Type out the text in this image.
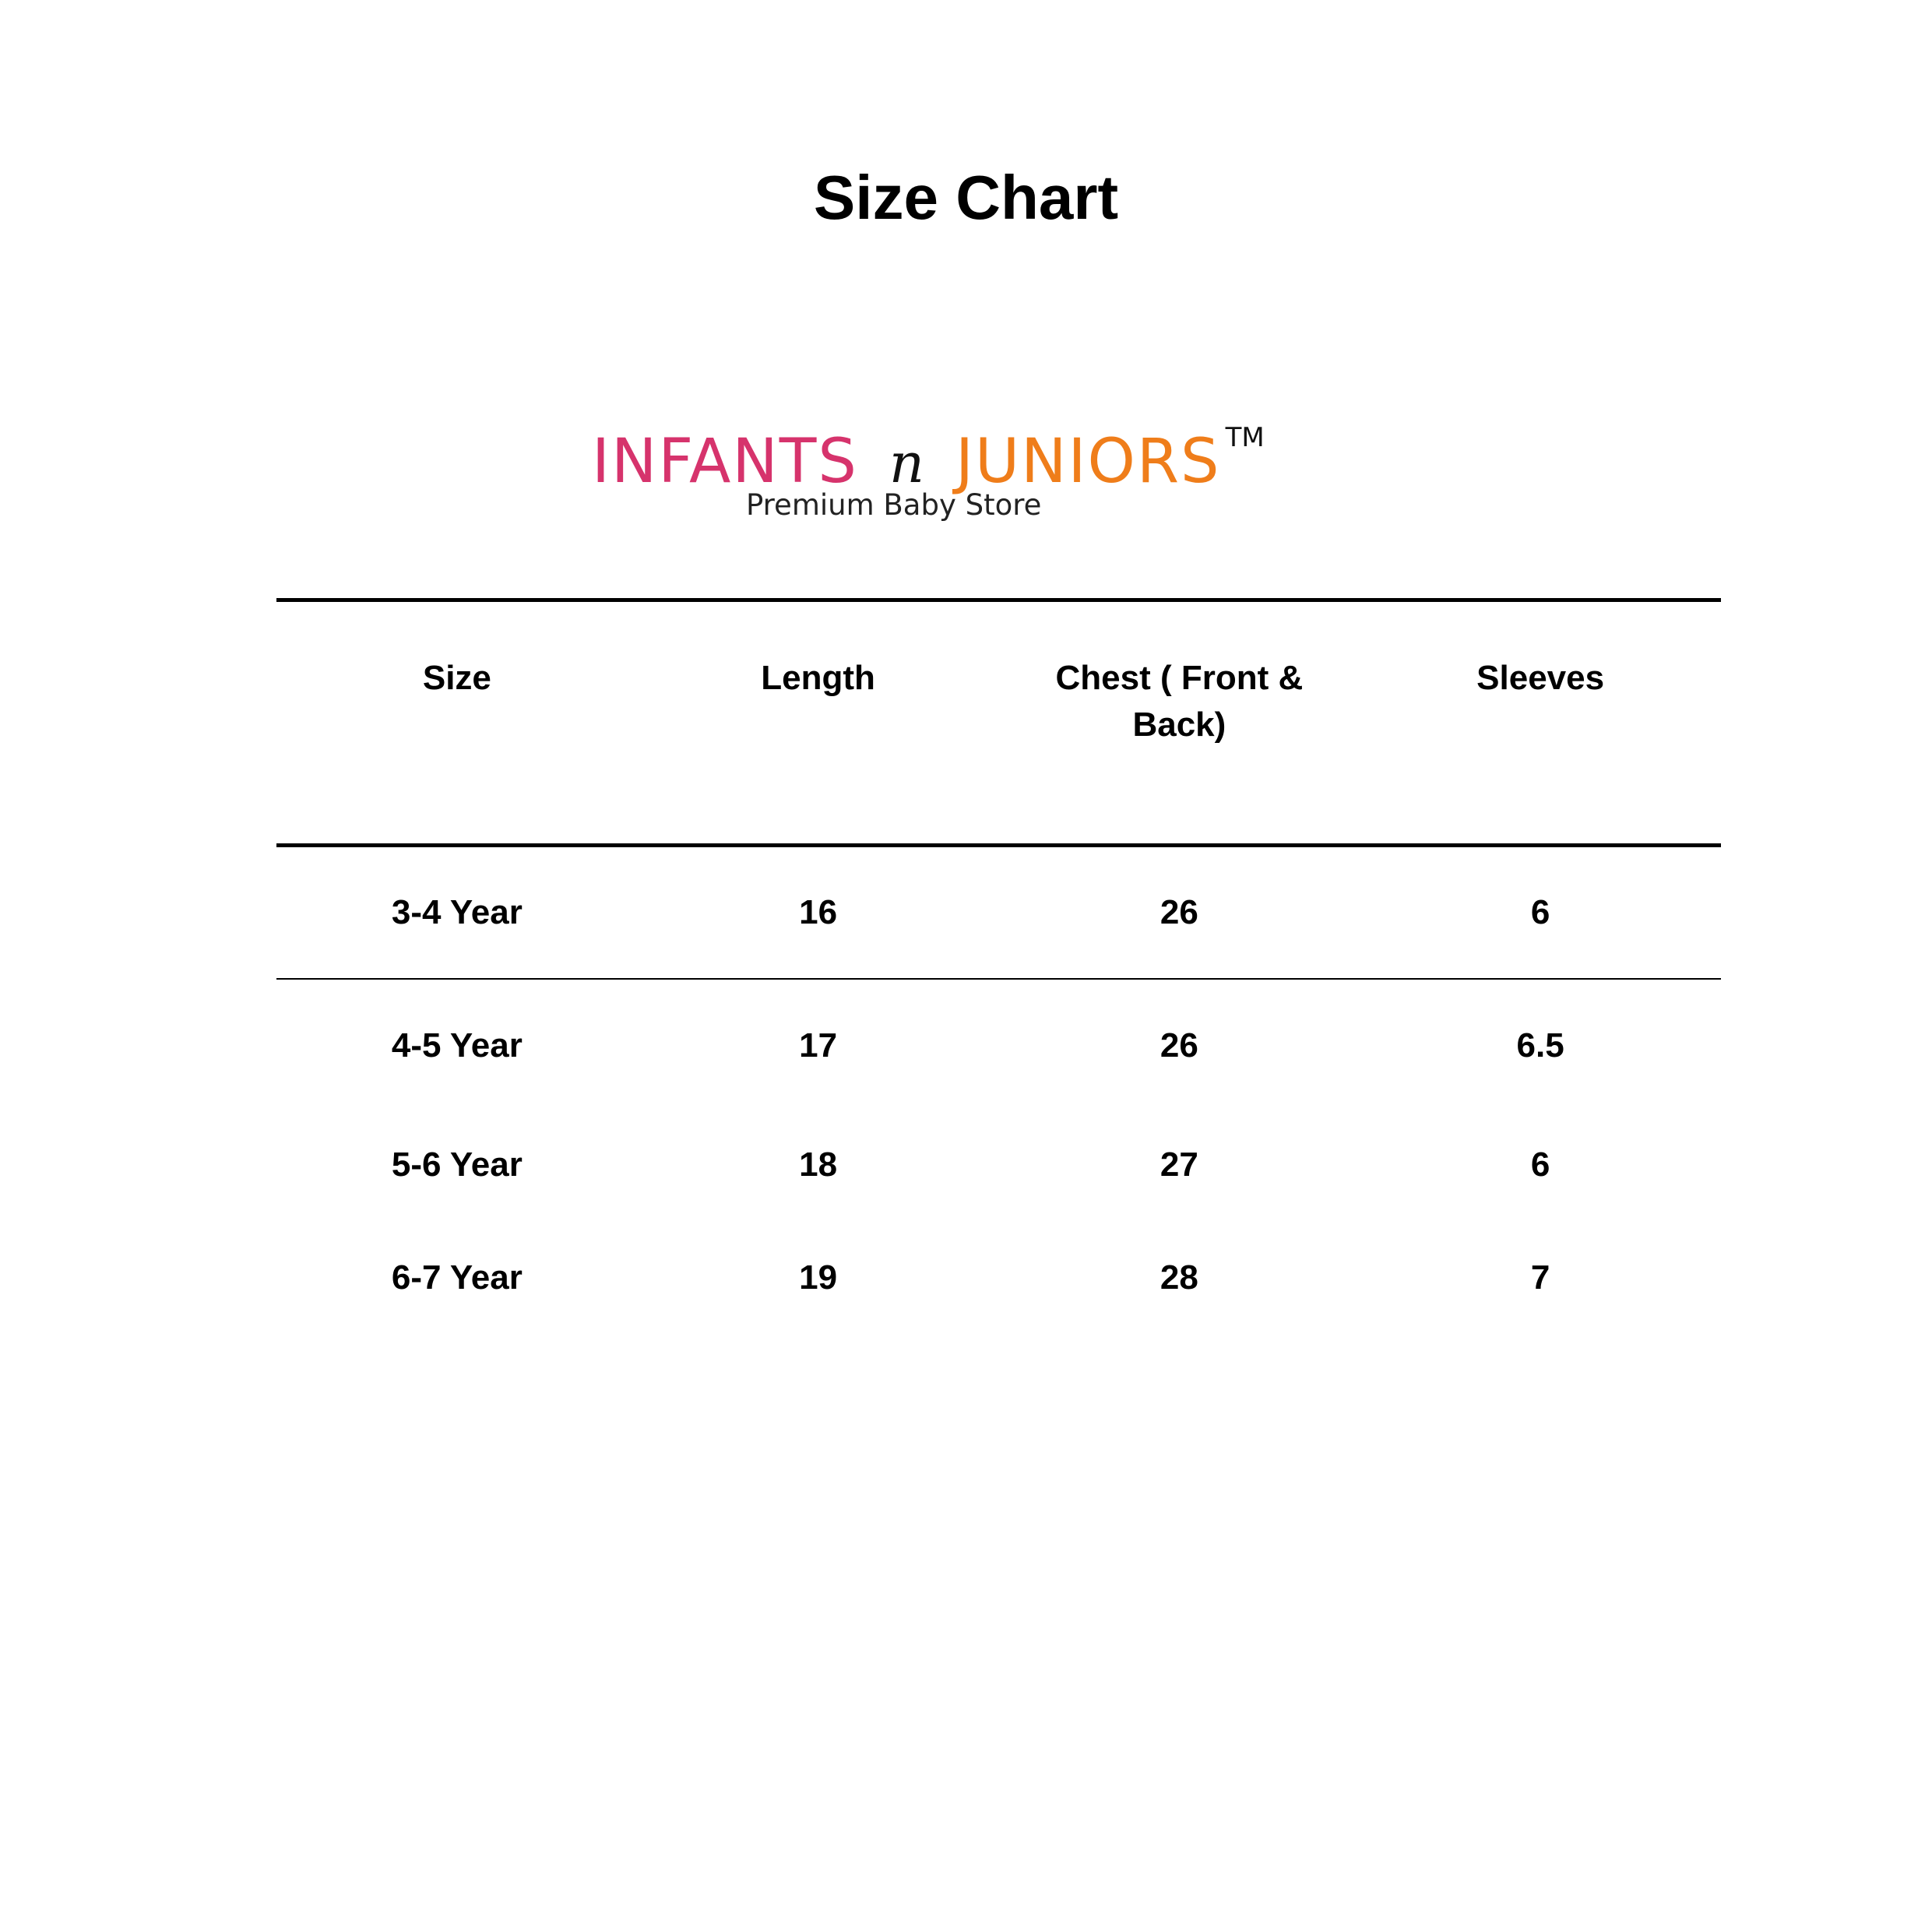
Size Chart
INFANTS n JUNIORS ™
Premium Baby Store
Size	Length	Chest ( Front & Back)	Sleeves
3-4 Year	16	26	6
4-5 Year	17	26	6.5
5-6 Year	18	27	6
6-7 Year	19	28	7
